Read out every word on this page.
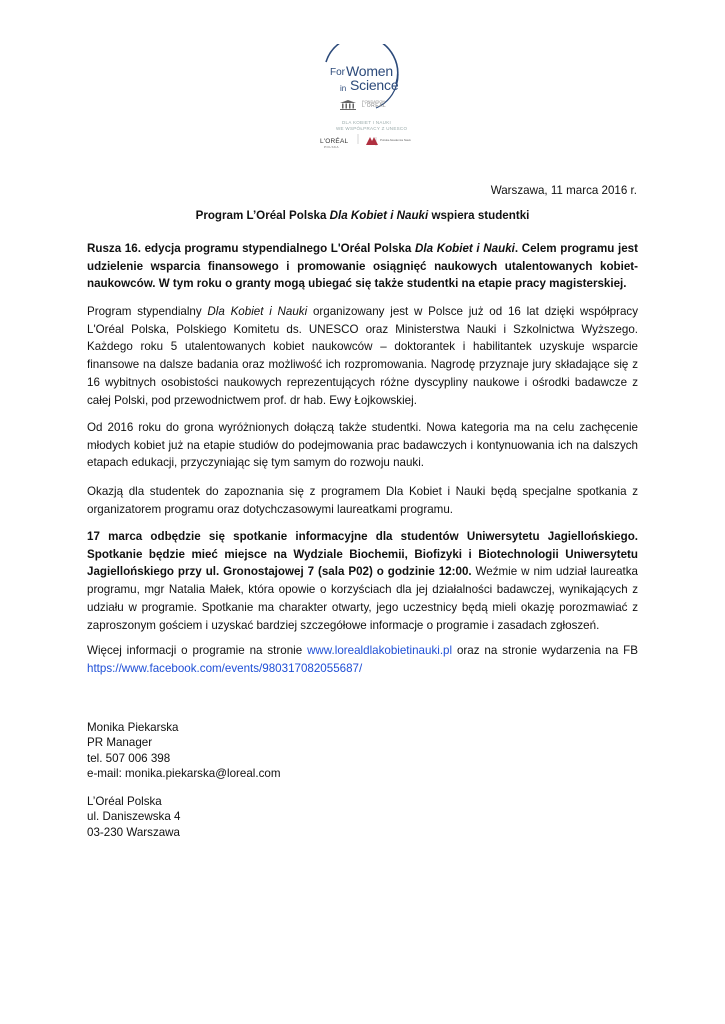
For Women
in Science
FONDATION
L'ORÉAL
DLA KOBIET I NAUKI
WE WSPÓŁPRACY Z UNESCO
L'ORÉAL
POLSKA
Polska Akademia Nauk
Warszawa, 11 marca 2016 r.
Program L’Oréal Polska Dla Kobiet i Nauki wspiera studentki
Rusza 16. edycja programu stypendialnego L'Oréal Polska Dla Kobiet i Nauki. Celem programu jest udzielenie wsparcia finansowego i promowanie osiągnięć naukowych utalentowanych kobiet-naukowców. W tym roku o granty mogą ubiegać się także studentki na etapie pracy magisterskiej.
Program stypendialny Dla Kobiet i Nauki organizowany jest w Polsce już od 16 lat dzięki współpracy L'Oréal Polska, Polskiego Komitetu ds. UNESCO oraz Ministerstwa Nauki i Szkolnictwa Wyższego. Każdego roku 5 utalentowanych kobiet naukowców – doktorantek i habilitantek uzyskuje wsparcie finansowe na dalsze badania oraz możliwość ich rozpromowania. Nagrodę przyznaje jury składające się z 16 wybitnych osobistości naukowych reprezentujących różne dyscypliny naukowe i ośrodki badawcze z całej Polski, pod przewodnictwem prof. dr hab. Ewy Łojkowskiej.
Od 2016 roku do grona wyróżnionych dołączą także studentki. Nowa kategoria ma na celu zachęcenie młodych kobiet już na etapie studiów do podejmowania prac badawczych i kontynuowania ich na dalszych etapach edukacji, przyczyniając się tym samym do rozwoju nauki.
Okazją dla studentek do zapoznania się z programem Dla Kobiet i Nauki będą specjalne spotkania z organizatorem programu oraz dotychczasowymi laureatkami programu.
17 marca odbędzie się spotkanie informacyjne dla studentów Uniwersytetu Jagiellońskiego. Spotkanie będzie mieć miejsce na Wydziale Biochemii, Biofizyki i Biotechnologii Uniwersytetu Jagiellońskiego przy ul. Gronostajowej 7 (sala P02) o godzinie 12:00. Weźmie w nim udział laureatka programu, mgr Natalia Małek, która opowie o korzyściach dla jej działalności badawczej, wynikających z udziału w programie. Spotkanie ma charakter otwarty, jego uczestnicy będą mieli okazję porozmawiać z zaproszonym gościem i uzyskać bardziej szczegółowe informacje o programie i zasadach zgłoszeń.
Więcej informacji o programie na stronie www.lorealdlakobietinauki.pl oraz na stronie wydarzenia na FB https://www.facebook.com/events/980317082055687/
Monika Piekarska
PR Manager
tel. 507 006 398
e-mail: monika.piekarska@loreal.com
L’Oréal Polska
ul. Daniszewska 4
03-230 Warszawa
